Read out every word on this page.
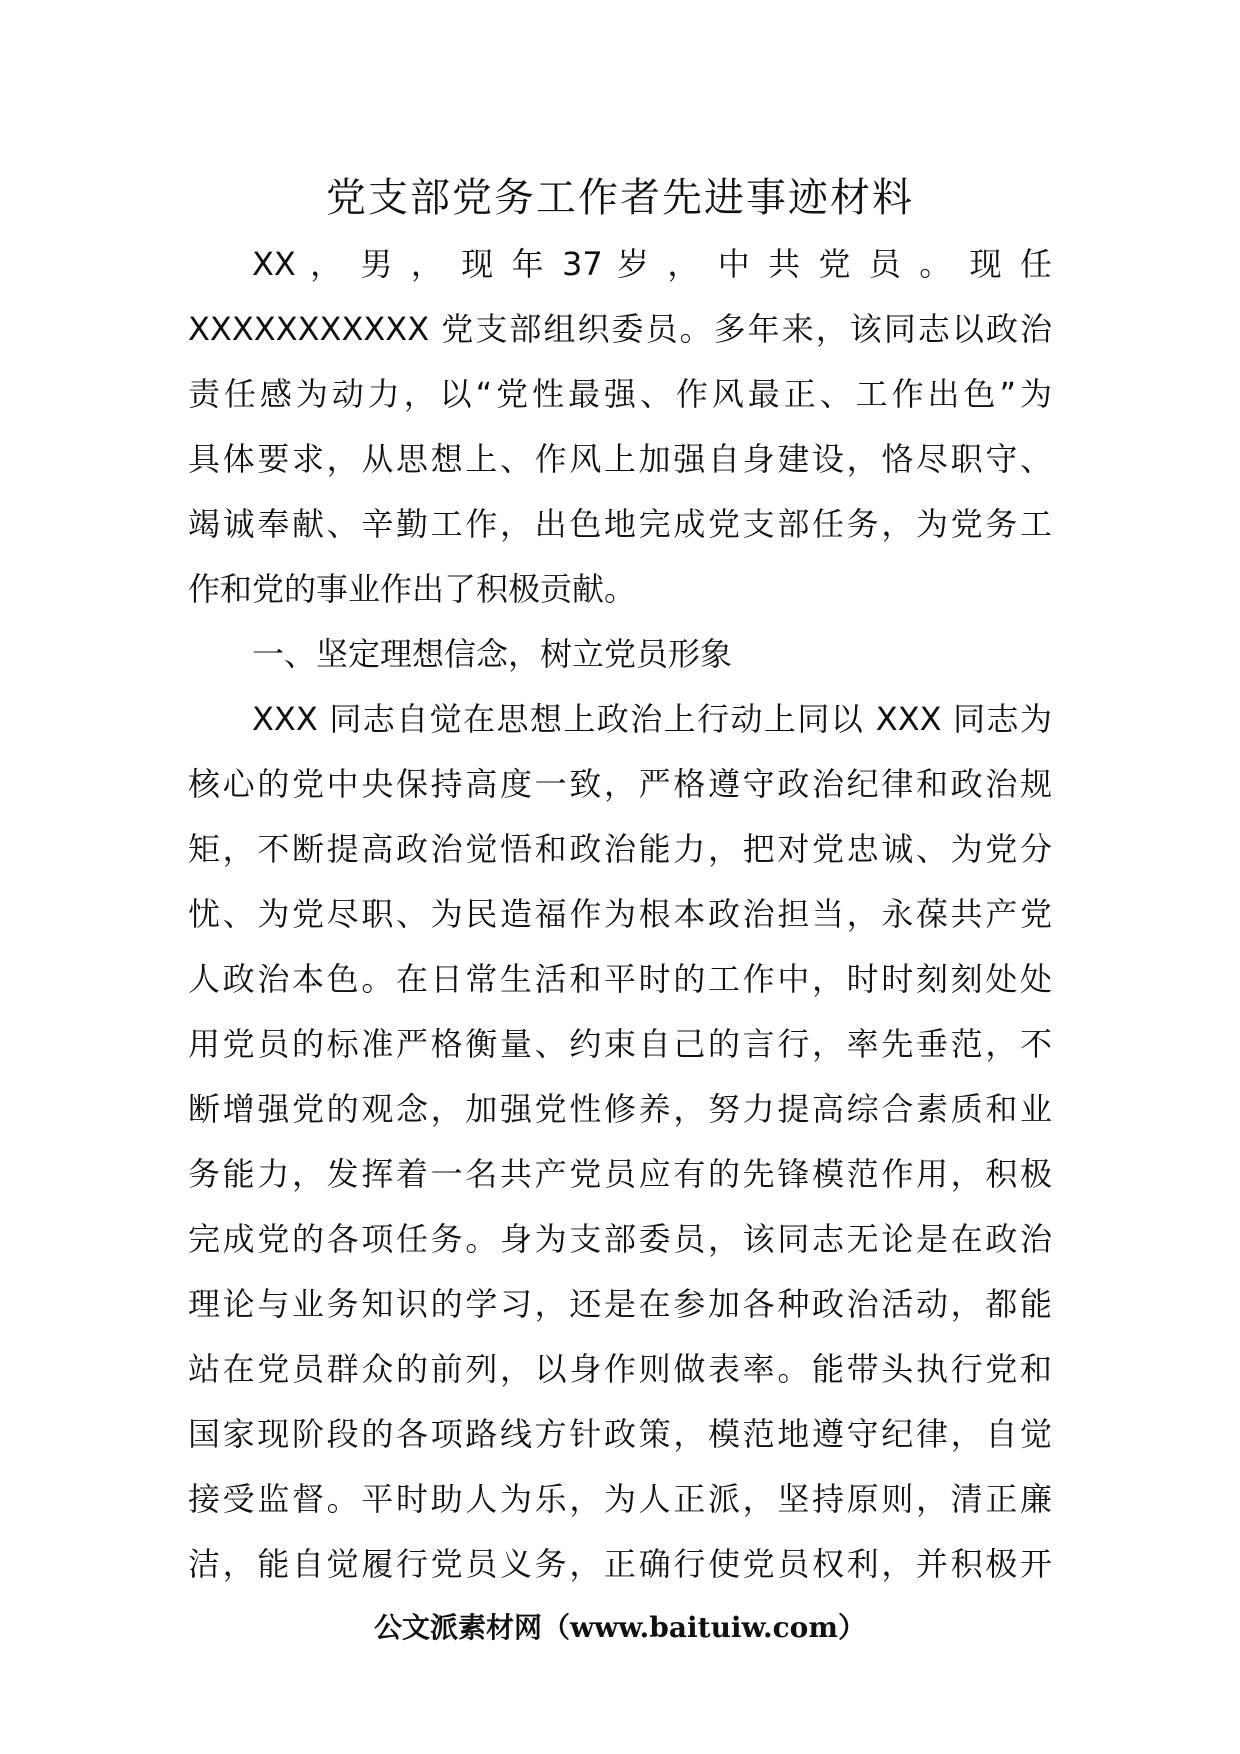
党支部党务工作者先进事迹材料
XX ， 男 ， 现 年 37 岁 ， 中 共 党 员 。 现 任
XXXXXXXXXXX 党支部组织委员。多年来，该同志以政治
责任感为动力，以“党性最强、作风最正、工作出色”为
具体要求，从思想上、作风上加强自身建设，恪尽职守、
竭诚奉献、辛勤工作，出色地完成党支部任务，为党务工
作和党的事业作出了积极贡献。
一、坚定理想信念，树立党员形象
XXX 同志自觉在思想上政治上行动上同以 XXX 同志为
核心的党中央保持高度一致，严格遵守政治纪律和政治规
矩，不断提高政治觉悟和政治能力，把对党忠诚、为党分
忧、为党尽职、为民造福作为根本政治担当，永葆共产党
人政治本色。在日常生活和平时的工作中，时时刻刻处处
用党员的标准严格衡量、约束自己的言行，率先垂范，不
断增强党的观念，加强党性修养，努力提高综合素质和业
务能力，发挥着一名共产党员应有的先锋模范作用，积极
完成党的各项任务。身为支部委员，该同志无论是在政治
理论与业务知识的学习，还是在参加各种政治活动，都能
站在党员群众的前列，以身作则做表率。能带头执行党和
国家现阶段的各项路线方针政策，模范地遵守纪律，自觉
接受监督。平时助人为乐，为人正派，坚持原则，清正廉
洁，能自觉履行党员义务，正确行使党员权利，并积极开
公文派素材网（www.baituiw.com）
